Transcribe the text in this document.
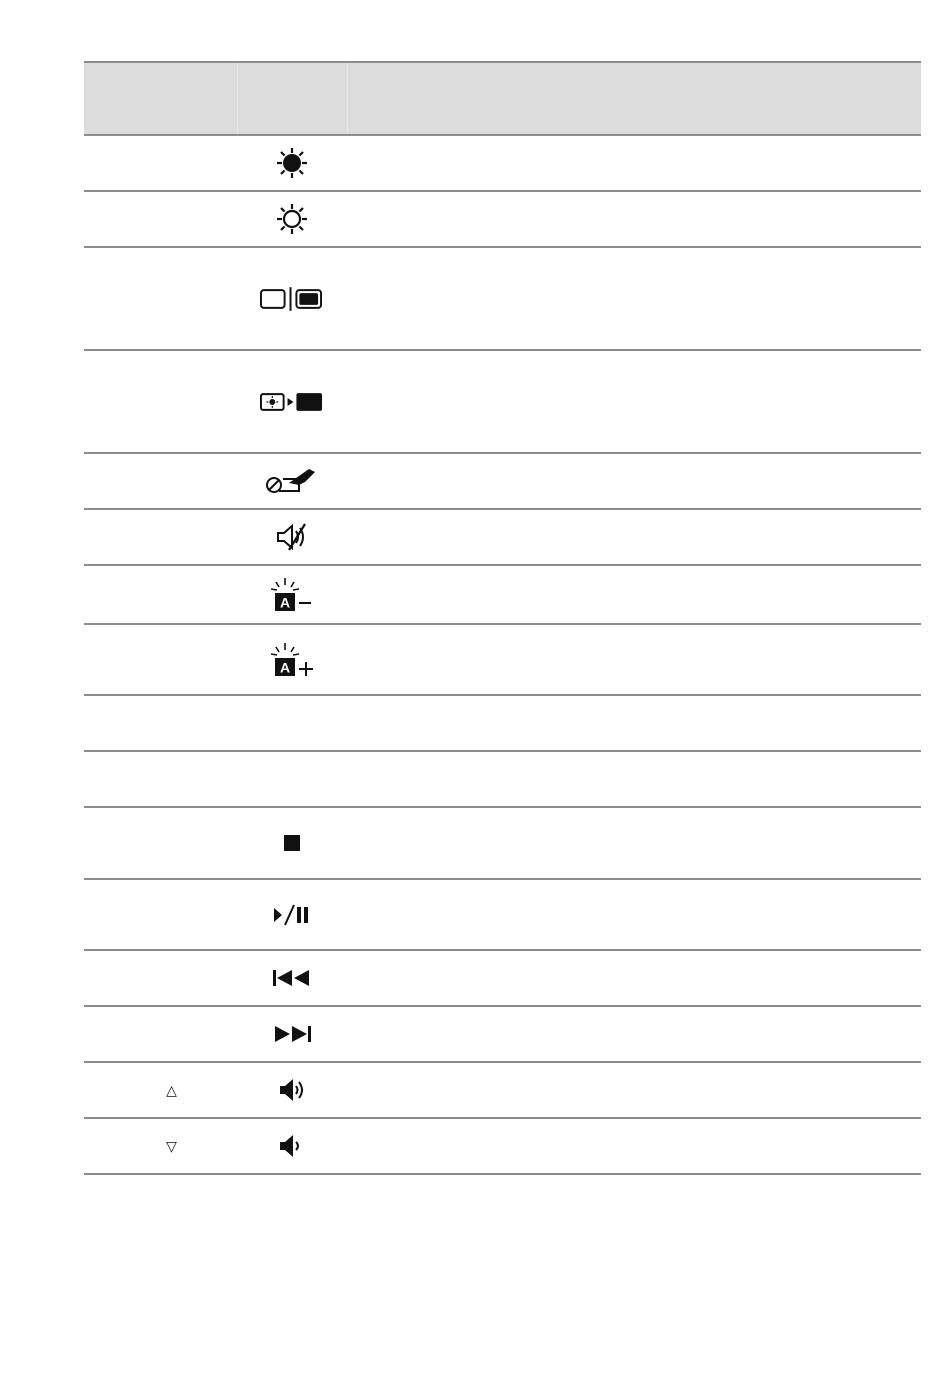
A
A
△
▽
